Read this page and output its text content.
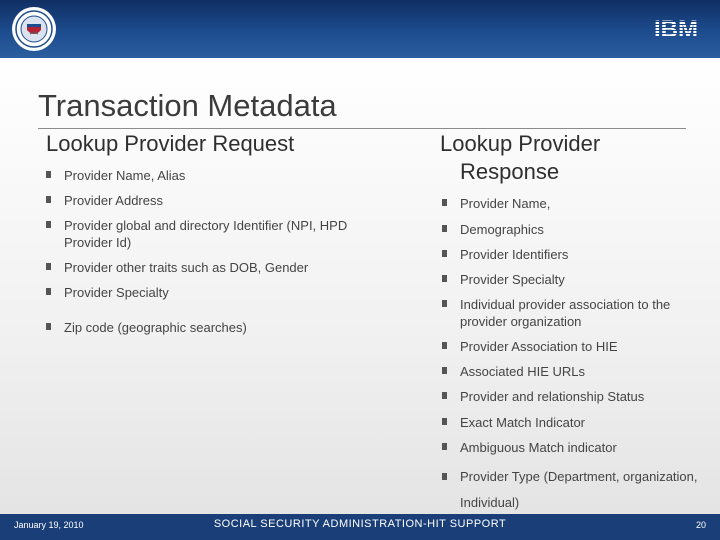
IBM
Transaction Metadata
Lookup Provider Request	Lookup Provider
Response
Provider Name, Alias
Provider Address
Provider global and directory Identifier (NPI, HPD Provider Id)
Provider other traits such as DOB, Gender
Provider Specialty
Zip code (geographic searches)
Provider Name,
Demographics
Provider Identifiers
Provider Specialty
Individual provider association to the provider organization
Provider Association to HIE
Associated HIE URLs
Provider and relationship Status
Exact Match Indicator
Ambiguous Match indicator
Provider Type (Department, organization, Individual)
January 19, 2010	SOCIAL SECURITY ADMINISTRATION-HIT SUPPORT	20
